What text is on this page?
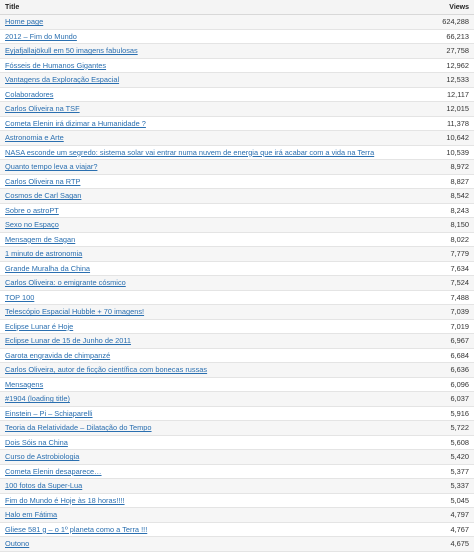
Title	Views
Home page	624,288
2012 – Fim do Mundo	66,213
Eyjafjallajökull em 50 imagens fabulosas	27,758
Fósseis de Humanos Gigantes	12,962
Vantagens da Exploração Espacial	12,533
Colaboradores	12,117
Carlos Oliveira na TSF	12,015
Cometa Elenin irá dizimar a Humanidade ?	11,378
Astronomia e Arte	10,642
NASA esconde um segredo: sistema solar vai entrar numa nuvem de energia que irá acabar com a vida na Terra	10,539
Quanto tempo leva a viajar?	8,972
Carlos Oliveira na RTP	8,827
Cosmos de Carl Sagan	8,542
Sobre o astroPT	8,243
Sexo no Espaço	8,150
Mensagem de Sagan	8,022
1 minuto de astronomia	7,779
Grande Muralha da China	7,634
Carlos Oliveira: o emigrante cósmico	7,524
TOP 100	7,488
Telescópio Espacial Hubble + 70 imagens!	7,039
Eclipse Lunar é Hoje	7,019
Eclipse Lunar de 15 de Junho de 2011	6,967
Garota engravida de chimpanzé	6,684
Carlos Oliveira, autor de ficção científica com bonecas russas	6,636
Mensagens	6,096
#1904 (loading title)	6,037
Einstein – Pi – Schiaparelli	5,916
Teoria da Relatividade – Dilatação do Tempo	5,722
Dois Sóis na China	5,608
Curso de Astrobiologia	5,420
Cometa Elenin desaparece…	5,377
100 fotos da Super-Lua	5,337
Fim do Mundo é Hoje às 18 horas!!!!	5,045
Halo em Fátima	4,797
Gliese 581 g – o 1º planeta como a Terra !!!	4,767
Outono	4,675
